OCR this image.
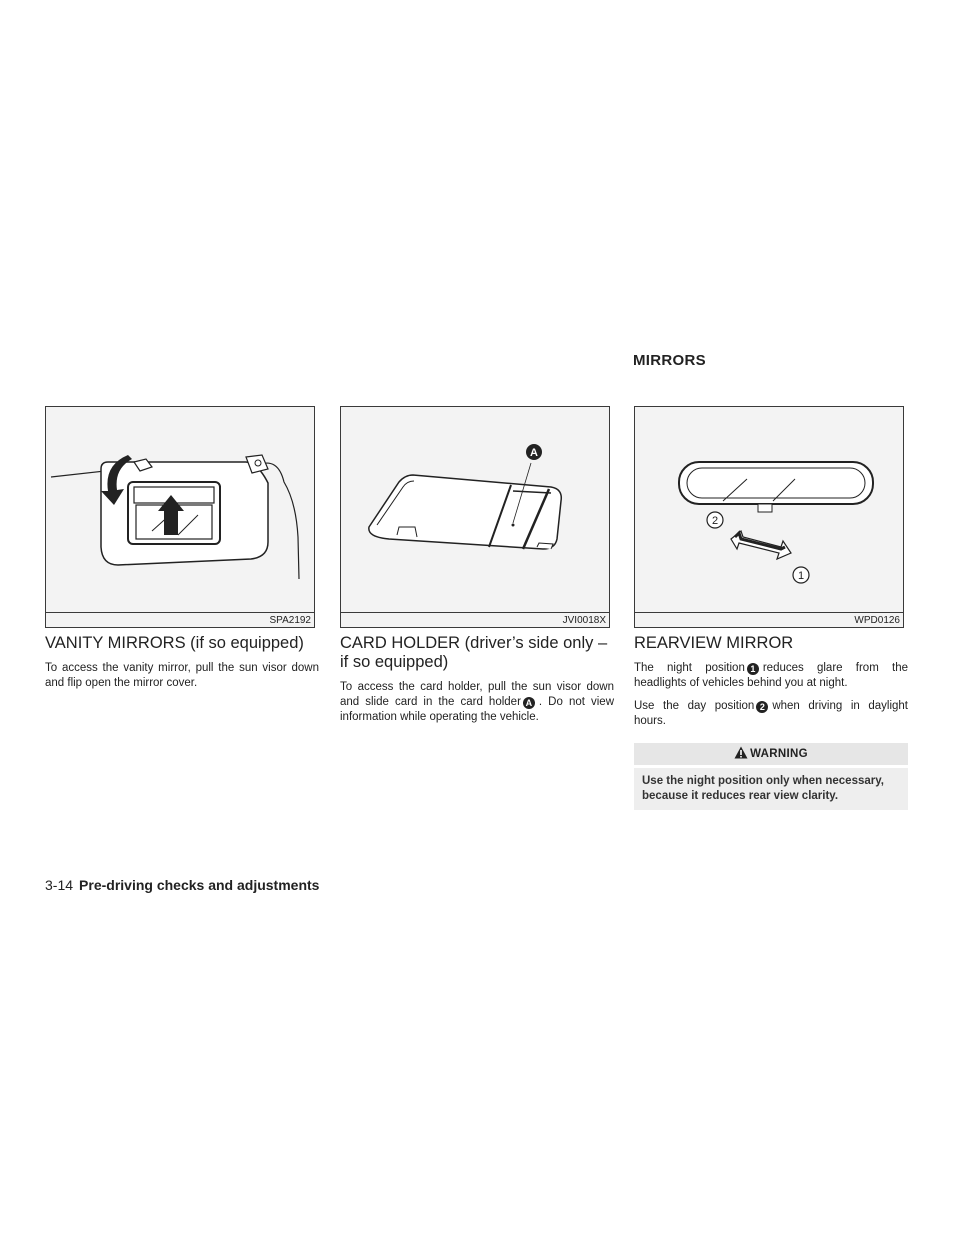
MIRRORS
SPA2192
A
JVI0018X
2
1
WPD0126
VANITY MIRRORS (if so equipped)

To access the vanity mirror, pull the sun visor down and flip open the mirror cover.

CARD HOLDER (driver’s side only – if so equipped)

To access the card holder, pull the sun visor down and slide card in the card holder A . Do not view information while operating the vehicle.

REARVIEW MIRROR

The night position 1 reduces glare from the headlights of vehicles behind you at night.

Use the day position 2 when driving in daylight hours.

WARNING
Use the night position only when necessary, because it reduces rear view clarity.
3-14 Pre-driving checks and adjustments
